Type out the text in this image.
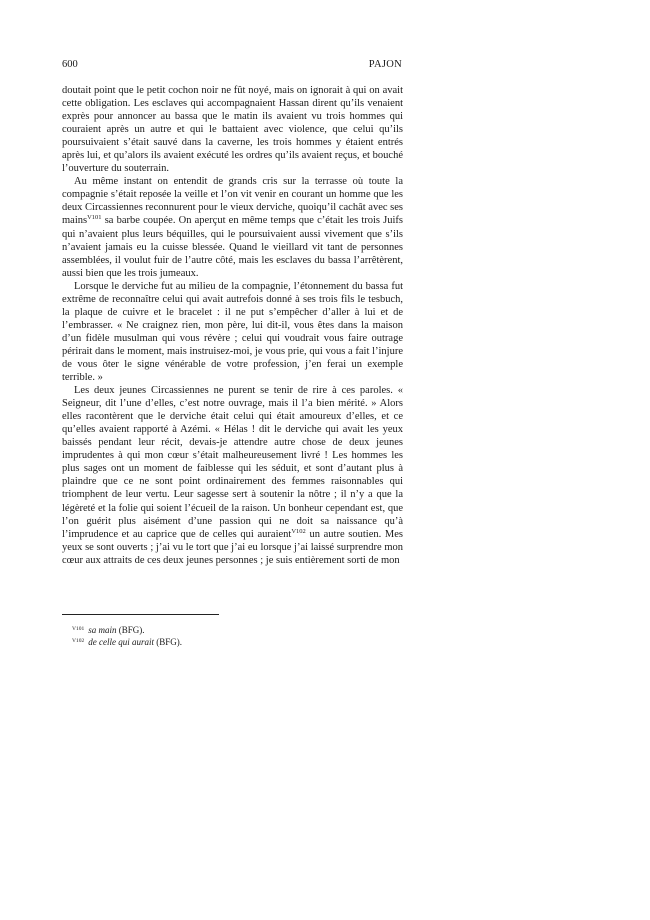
600	PAJON

doutait point que le petit cochon noir ne fût noyé, mais on ignorait à qui on avait cette obligation. Les esclaves qui accompagnaient Hassan dirent qu’ils venaient exprès pour annoncer au bassa que le matin ils avaient vu trois hommes qui couraient après un autre et qui le battaient avec violence, que celui qu’ils poursuivaient s’était sauvé dans la caverne, les trois hommes y étaient entrés après lui, et qu’alors ils avaient exécuté les ordres qu’ils avaient reçus, et bouché l’ouverture du souterrain.

Au même instant on entendit de grands cris sur la terrasse où toute la compagnie s’était reposée la veille et l’on vit venir en courant un homme que les deux Circassiennes reconnurent pour le vieux derviche, quoiqu’il cachât avec ses mains$^{V101}$ sa barbe coupée. On aperçut en même temps que c’était les trois Juifs qui n’avaient plus leurs béquilles, qui le poursuivaient aussi vivement que s’ils n’avaient jamais eu la cuisse blessée. Quand le vieillard vit tant de personnes assemblées, il voulut fuir de l’autre côté, mais les esclaves du bassa l’arrêtèrent, aussi bien que les trois jumeaux.

Lorsque le derviche fut au milieu de la compagnie, l’étonnement du bassa fut extrême de reconnaître celui qui avait autrefois donné à ses trois fils le tesbuch, la plaque de cuivre et le bracelet : il ne put s’empêcher d’aller à lui et de l’embrasser. « Ne craignez rien, mon père, lui dit-il, vous êtes dans la maison d’un fidèle musulman qui vous révère ; celui qui voudrait vous faire outrage périrait dans le moment, mais instruisez-moi, je vous prie, qui vous a fait l’injure de vous ôter le signe vénérable de votre profession, j’en ferai un exemple terrible. »

Les deux jeunes Circassiennes ne purent se tenir de rire à ces paroles. « Seigneur, dit l’une d’elles, c’est notre ouvrage, mais il l’a bien mérité. » Alors elles racontèrent que le derviche était celui qui était amoureux d’elles, et ce qu’elles avaient rapporté à Azémi. « Hélas ! dit le derviche qui avait les yeux baissés pendant leur récit, devais-je attendre autre chose de deux jeunes imprudentes à qui mon cœur s’était malheureusement livré ! Les hommes les plus sages ont un moment de faiblesse qui les séduit, et sont d’autant plus à plaindre que ce ne sont point ordinairement des femmes raisonnables qui triomphent de leur vertu. Leur sagesse sert à soutenir la nôtre ; il n’y a que la légèreté et la folie qui soient l’écueil de la raison. Un bonheur cependant est, que l’on guérit plus aisément d’une passion qui ne doit sa naissance qu’à l’imprudence et au caprice que de celles qui auraient$^{V102}$ un autre soutien. Mes yeux se sont ouverts ; j’ai vu le tort que j’ai eu lorsque j’ai laissé surprendre mon cœur aux attraits de ces deux jeunes personnes ; je suis entièrement sorti de mon

$^{V101}$ sa main (BFG).

$^{V102}$ de celle qui aurait (BFG).
